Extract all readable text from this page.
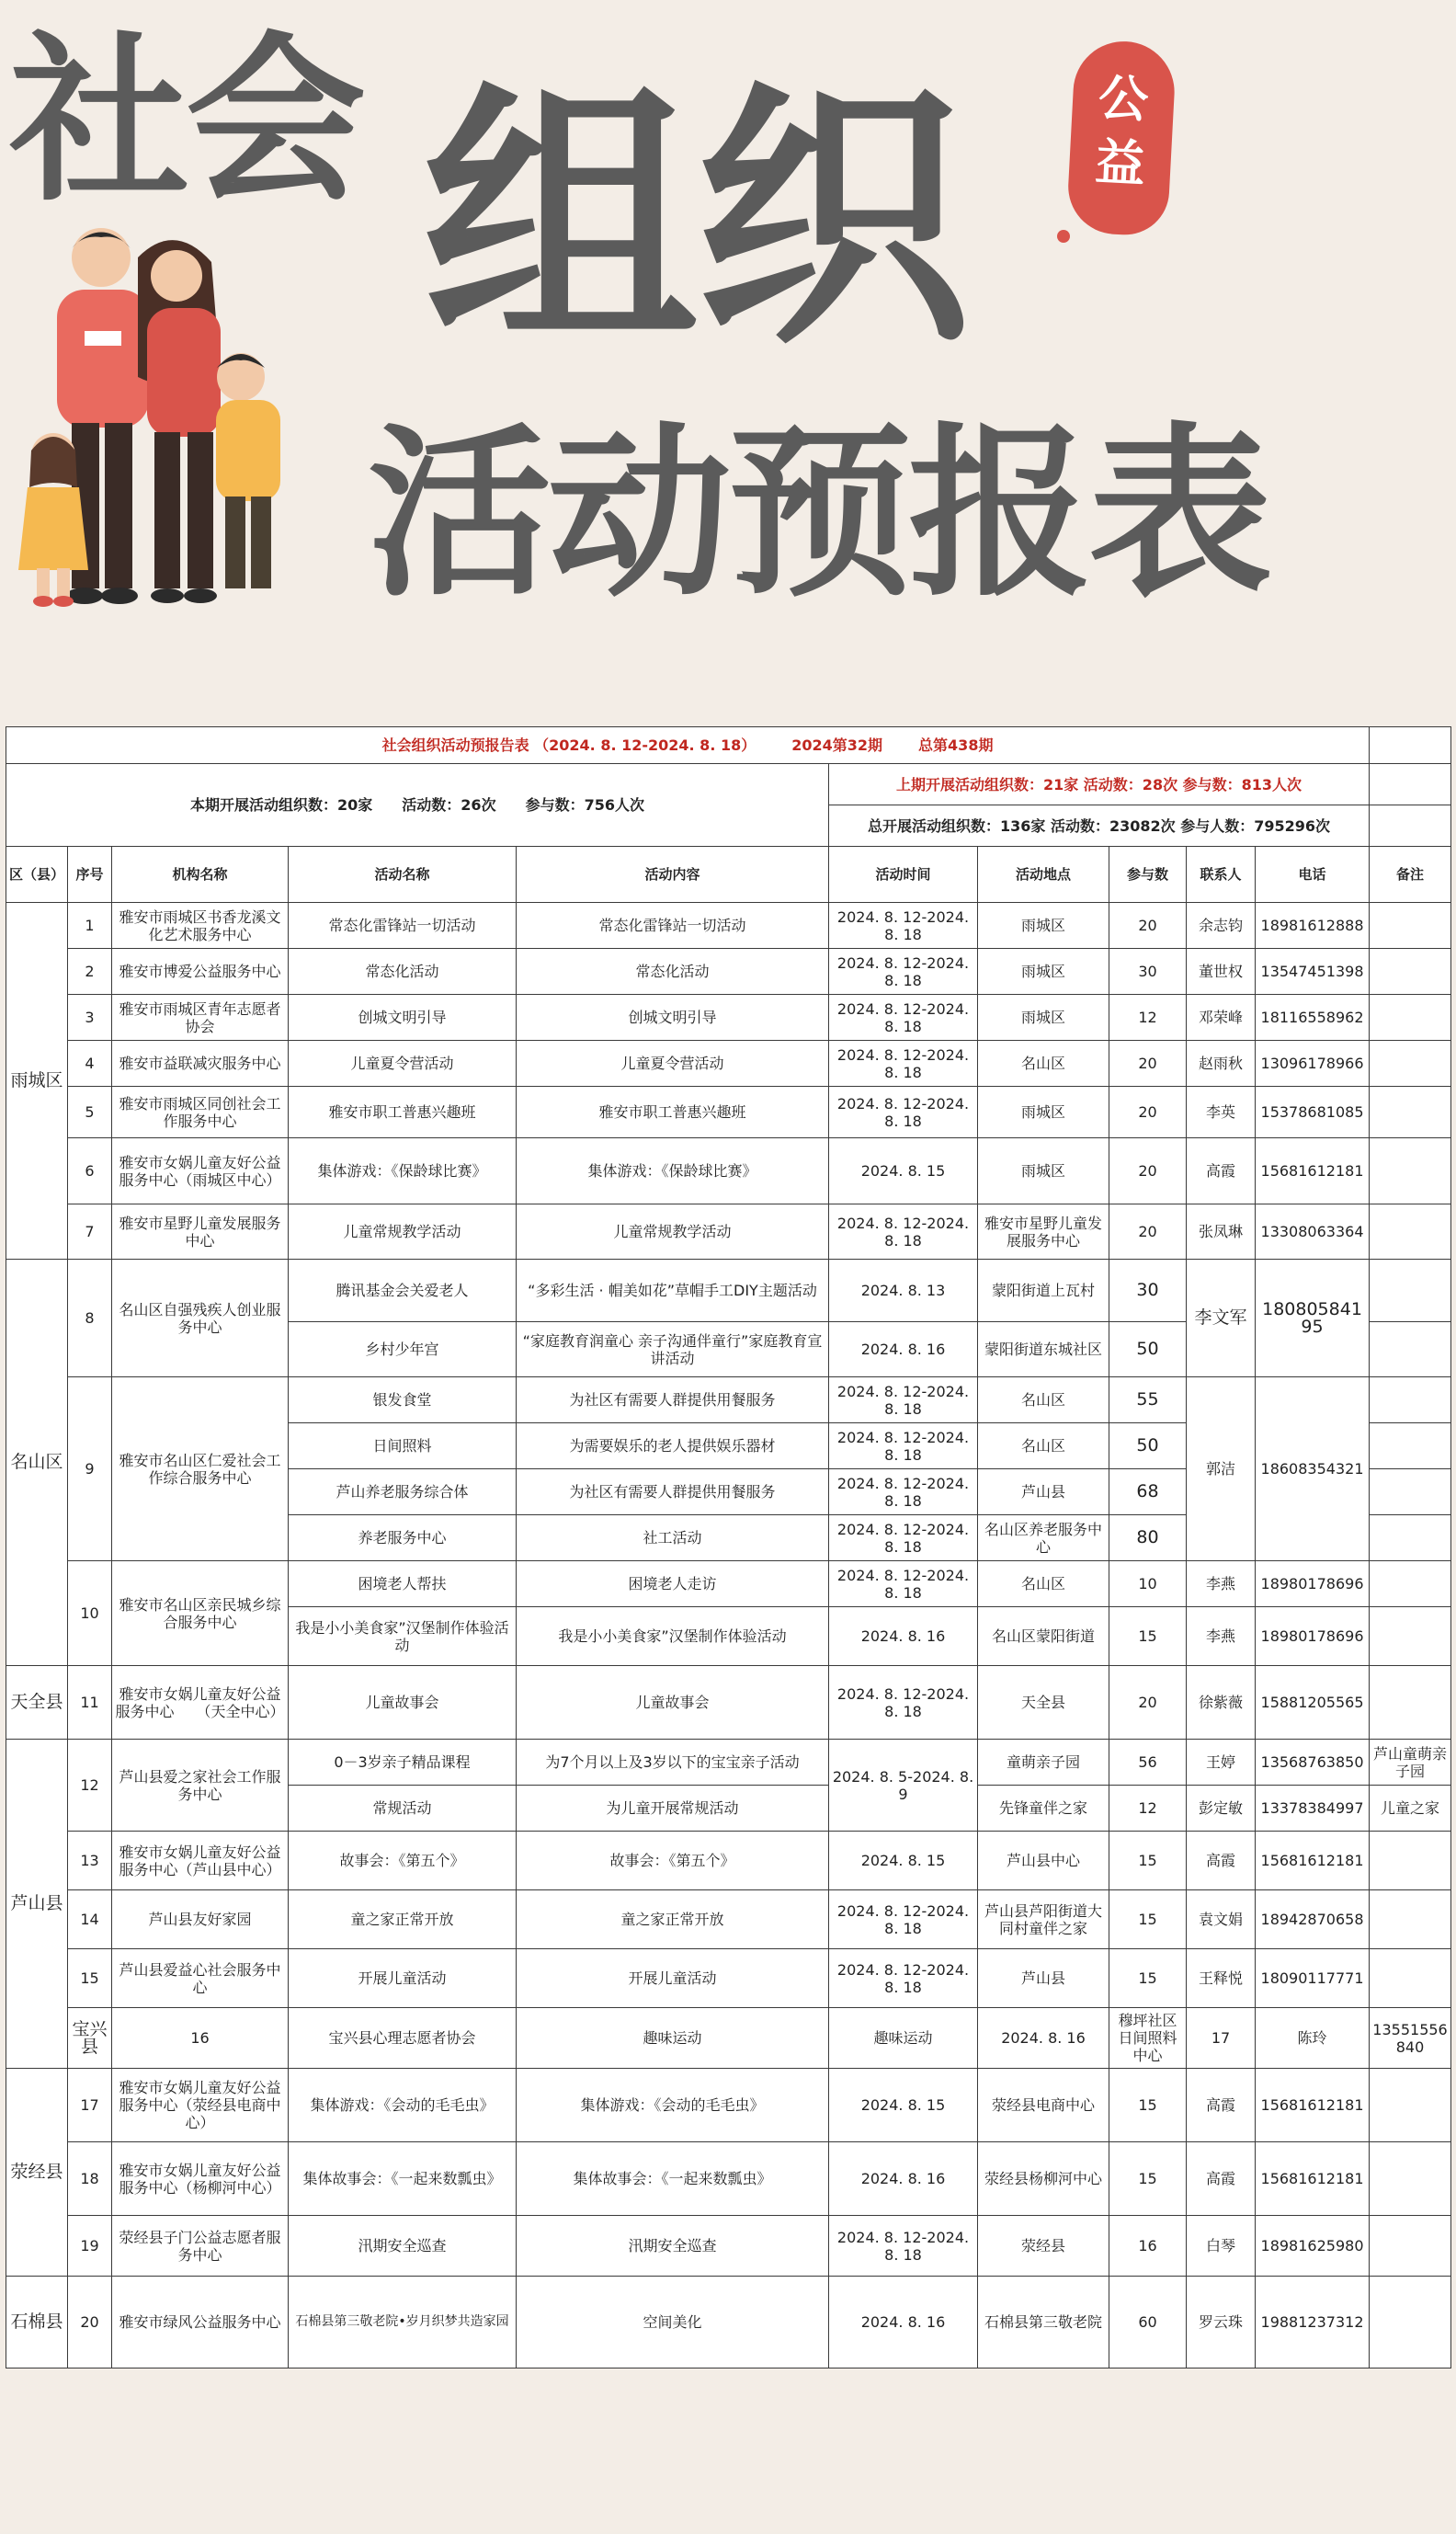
社会 组织
活动预报表
公
益
社会组织活动预报告表 （2024. 8. 12-2024. 8. 18） 2024第32期 总第438期											
本期开展活动组织数：20家　　活动数：26次　　参与数：756人次					上期开展活动组织数：21家 活动数：28次 参与数：813人次						
					总开展活动组织数：136家 活动数：23082次 参与人数：795296次						
区（县）	序号	机构名称	活动名称	活动内容	活动时间	活动地点	参与数	联系人	电话	备注	
雨城区	1	雅安市雨城区书香龙溪文化艺术服务中心	常态化雷锋站一切活动	常态化雷锋站一切活动	2024. 8. 12-2024. 8. 18	雨城区	20	余志钧	18981612888		
	2	雅安市博爱公益服务中心	常态化活动	常态化活动	2024. 8. 12-2024. 8. 18	雨城区	30	董世权	13547451398		
	3	雅安市雨城区青年志愿者协会	创城文明引导	创城文明引导	2024. 8. 12-2024. 8. 18	雨城区	12	邓荣峰	18116558962		
	4	雅安市益联减灾服务中心	儿童夏令营活动	儿童夏令营活动	2024. 8. 12-2024. 8. 18	名山区	20	赵雨秋	13096178966		
	5	雅安市雨城区同创社会工作服务中心	雅安市职工普惠兴趣班	雅安市职工普惠兴趣班	2024. 8. 12-2024. 8. 18	雨城区	20	李英	15378681085		
	6	雅安市女娲儿童友好公益服务中心（雨城区中心）	集体游戏：《保龄球比赛》	集体游戏：《保龄球比赛》	2024. 8. 15	雨城区	20	高霞	15681612181		
	7	雅安市星野儿童发展服务中心	儿童常规教学活动	儿童常规教学活动	2024. 8. 12-2024. 8. 18	雅安市星野儿童发展服务中心	20	张凤琳	13308063364		
名山区	8	名山区自强残疾人创业服务中心	腾讯基金会关爱老人	“多彩生活 · 帽美如花”草帽手工DIY主题活动	2024. 8. 13	蒙阳街道上瓦村	30	李文军	18080584195		
			乡村少年宫	“家庭教育润童心 亲子沟通伴童行”家庭教育宣讲活动	2024. 8. 16	蒙阳街道东城社区	50				
	9	雅安市名山区仁爱社会工作综合服务中心	银发食堂	为社区有需要人群提供用餐服务	2024. 8. 12-2024. 8. 18	名山区	55	郭洁	18608354321		
			日间照料	为需要娱乐的老人提供娱乐器材	2024. 8. 12-2024. 8. 18	名山区	50				
			芦山养老服务综合体	为社区有需要人群提供用餐服务	2024. 8. 12-2024. 8. 18	芦山县	68				
			养老服务中心	社工活动	2024. 8. 12-2024. 8. 18	名山区养老服务中心	80				
	10	雅安市名山区亲民城乡综合服务中心	困境老人帮扶	困境老人走访	2024. 8. 12-2024. 8. 18	名山区	10	李燕	18980178696		
			我是小小美食家”汉堡制作体验活动	我是小小美食家”汉堡制作体验活动	2024. 8. 16	名山区蒙阳街道	15	李燕	18980178696		
天全县	11	雅安市女娲儿童友好公益服务中心　　（天全中心）	儿童故事会	儿童故事会	2024. 8. 12-2024. 8. 18	天全县	20	徐紫薇	15881205565		
芦山县	12	芦山县爱之家社会工作服务中心	0－3岁亲子精品课程	为7个月以上及3岁以下的宝宝亲子活动	2024. 8. 5-2024. 8. 9	童萌亲子园	56	王婷	13568763850	芦山童萌亲子园	
			常规活动	为儿童开展常规活动		先锋童伴之家	12	彭定敏	13378384997	儿童之家	
	13	雅安市女娲儿童友好公益服务中心（芦山县中心）	故事会：《第五个》	故事会：《第五个》	2024. 8. 15	芦山县中心	15	高霞	15681612181		
	14	芦山县友好家园	童之家正常开放	童之家正常开放	2024. 8. 12-2024. 8. 18	芦山县芦阳街道大同村童伴之家	15	袁文娟	18942870658		
	15	芦山县爱益心社会服务中心	开展儿童活动	开展儿童活动	2024. 8. 12-2024. 8. 18	芦山县	15	王释悦	18090117771		
	宝兴县	16	宝兴县心理志愿者协会	趣味运动	趣味运动	2024. 8. 16	穆坪社区日间照料中心	17	陈玲	13551556840	
荥经县	17	雅安市女娲儿童友好公益服务中心（荥经县电商中心）	集体游戏：《会动的毛毛虫》	集体游戏：《会动的毛毛虫》	2024. 8. 15	荥经县电商中心	15	高霞	15681612181		
	18	雅安市女娲儿童友好公益服务中心（杨柳河中心）	集体故事会：《一起来数瓢虫》	集体故事会：《一起来数瓢虫》	2024. 8. 16	荥经县杨柳河中心	15	高霞	15681612181		
	19	荥经县子门公益志愿者服务中心	汛期安全巡查	汛期安全巡查	2024. 8. 12-2024. 8. 18	荥经县	16	白琴	18981625980		
石棉县	20	雅安市绿风公益服务中心	石棉县第三敬老院•岁月织梦共造家园	空间美化	2024. 8. 16	石棉县第三敬老院	60	罗云珠	19881237312		
